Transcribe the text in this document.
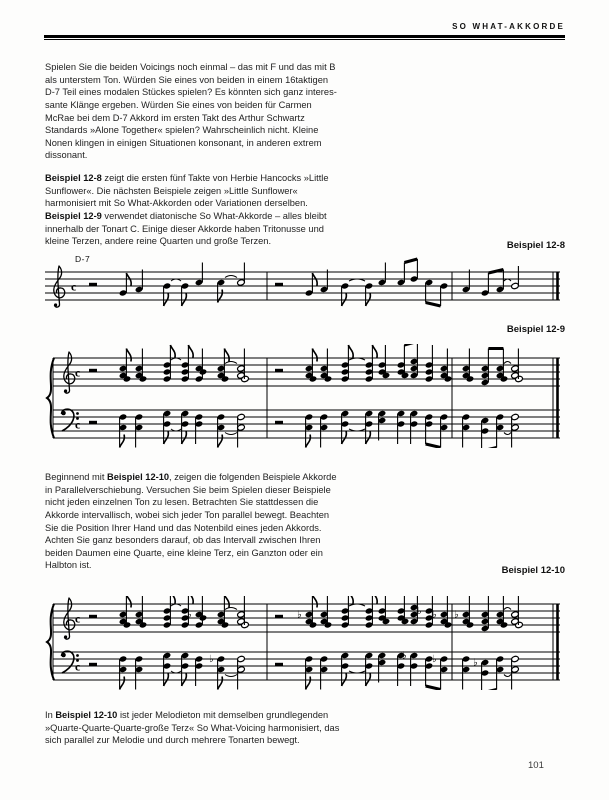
SO WHAT-AKKORDE

Spielen Sie die beiden Voicings noch einmal – das mit F und das mit B
als unterstem Ton. Würden Sie eines von beiden in einem 16taktigen
D-7 Teil eines modalen Stückes spielen? Es könnten sich ganz interes-
sante Klänge ergeben. Würden Sie eines von beiden für Carmen
McRae bei dem D-7 Akkord im ersten Takt des Arthur Schwartz
Standards »Alone Together« spielen? Wahrscheinlich nicht. Kleine
Nonen klingen in einigen Situationen konsonant, in anderen extrem
dissonant.

Beispiel 12-8 zeigt die ersten fünf Takte von Herbie Hancocks »Little
Sunflower«. Die nächsten Beispiele zeigen »Little Sunflower«
harmonisiert mit So What-Akkorden oder Variationen derselben.
Beispiel 12-9 verwendet diatonische So What-Akkorde – alles bleibt
innerhalb der Tonart C. Einige dieser Akkorde haben Tritonusse und
kleine Terzen, andere reine Quarten und große Terzen.	Beispiel 12-8
D-7
c
Beispiel 12-9
c
c

Beginnend mit Beispiel 12-10, zeigen die folgenden Beispiele Akkorde
in Parallelverschiebung. Versuchen Sie beim Spielen dieser Beispiele
nicht jeden einzelnen Ton zu lesen. Betrachten Sie stattdessen die
Akkorde intervallisch, wobei sich jeder Ton parallel bewegt. Beachten
Sie die Position Ihrer Hand und das Notenbild eines jeden Akkords.
Achten Sie ganz besonders darauf, ob das Intervall zwischen Ihren
beiden Daumen eine Quarte, eine kleine Terz, ein Ganzton oder ein
Halbton ist.	Beispiel 12-10
c	♭	♭	♭ ♭ ♭
c	♭	♭	♭	♭

In Beispiel 12-10 ist jeder Melodieton mit demselben grundlegenden
»Quarte-Quarte-Quarte-große Terz« So What-Voicing harmonisiert, das
sich parallel zur Melodie und durch mehrere Tonarten bewegt.

101
